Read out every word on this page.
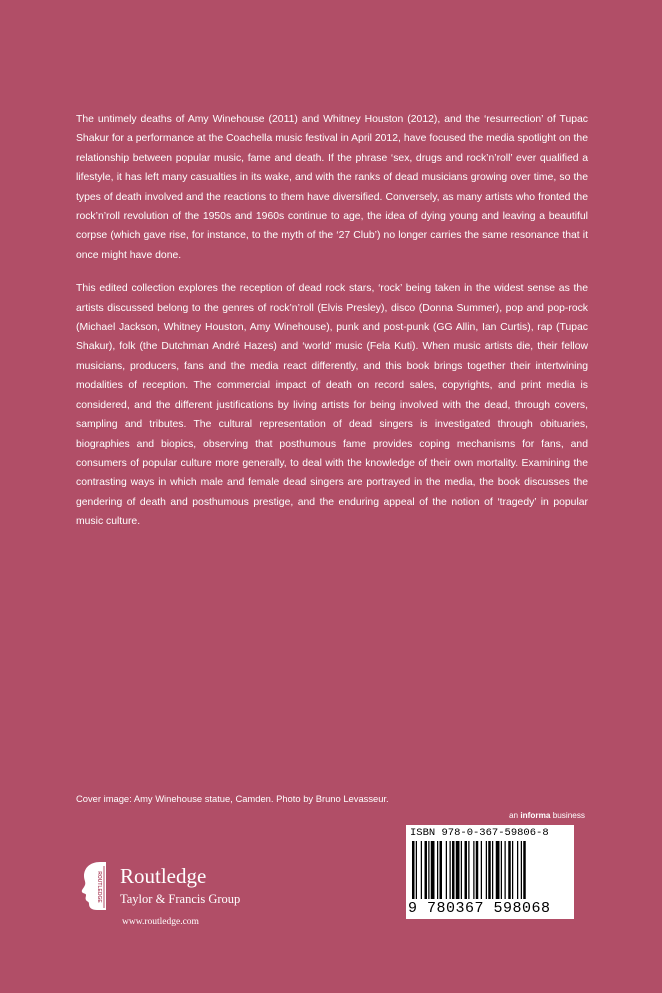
The untimely deaths of Amy Winehouse (2011) and Whitney Houston (2012), and the ‘resurrection’ of Tupac Shakur for a performance at the Coachella music festival in April 2012, have focused the media spotlight on the relationship between popular music, fame and death. If the phrase ‘sex, drugs and rock’n’roll’ ever qualified a lifestyle, it has left many casualties in its wake, and with the ranks of dead musicians growing over time, so the types of death involved and the reactions to them have diversified. Conversely, as many artists who fronted the rock’n’roll revolution of the 1950s and 1960s continue to age, the idea of dying young and leaving a beautiful corpse (which gave rise, for instance, to the myth of the ‘27 Club’) no longer carries the same resonance that it once might have done.

This edited collection explores the reception of dead rock stars, ‘rock’ being taken in the widest sense as the artists discussed belong to the genres of rock’n’roll (Elvis Presley), disco (Donna Summer), pop and pop-rock (Michael Jackson, Whitney Houston, Amy Winehouse), punk and post-punk (GG Allin, Ian Curtis), rap (Tupac Shakur), folk (the Dutchman André Hazes) and ‘world’ music (Fela Kuti). When music artists die, their fellow musicians, producers, fans and the media react differently, and this book brings together their intertwining modalities of reception. The commercial impact of death on record sales, copyrights, and print media is considered, and the different justifications by living artists for being involved with the dead, through covers, sampling and tributes. The cultural representation of dead singers is investigated through obituaries, biographies and biopics, observing that posthumous fame provides coping mechanisms for fans, and consumers of popular culture more generally, to deal with the knowledge of their own mortality. Examining the contrasting ways in which male and female dead singers are portrayed in the media, the book discusses the gendering of death and posthumous prestige, and the enduring appeal of the notion of ‘tragedy’ in popular music culture.

Cover image: Amy Winehouse statue, Camden. Photo by Bruno Levasseur.
ROUTLEDGE Routledge
Taylor & Francis Group
www.routledge.com
an informa business
ISBN 978-0-367-59806-8
9 780367 598068
